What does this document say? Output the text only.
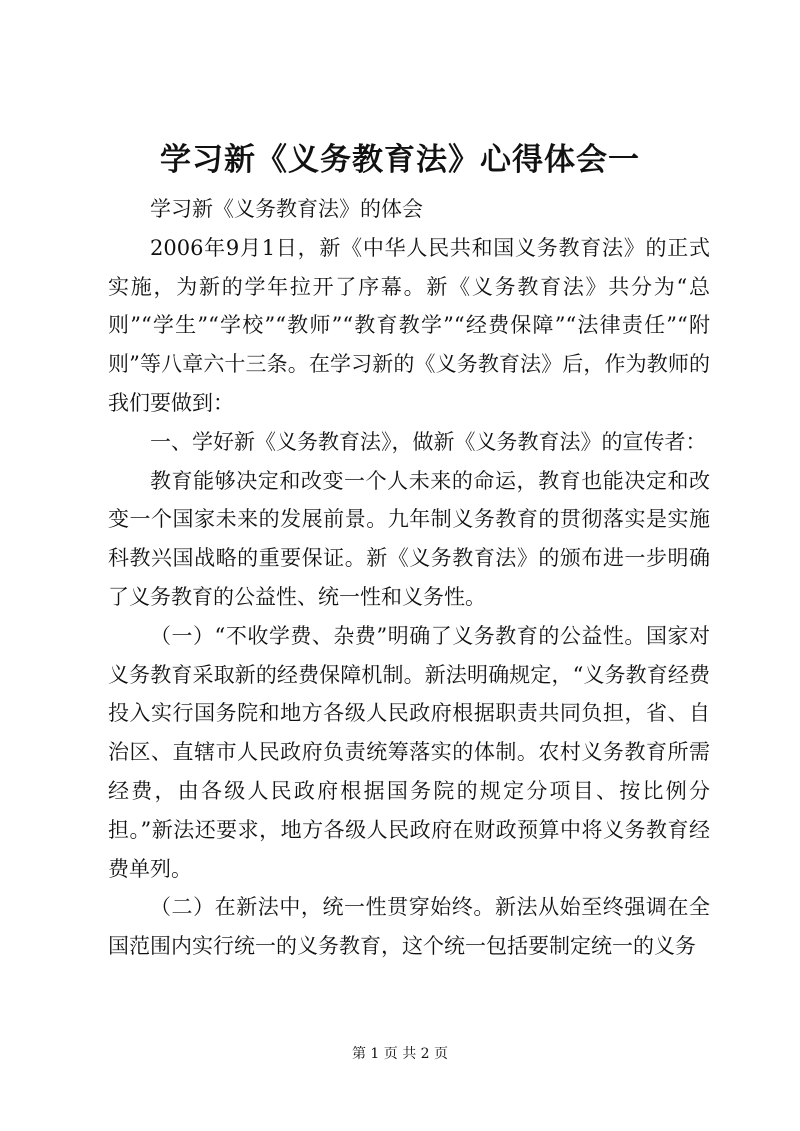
学习新《义务教育法》心得体会一

学习新《义务教育法》的体会

2006年9月1日，新《中华人民共和国义务教育法》的正式实施，为新的学年拉开了序幕。新《义务教育法》共分为“总则”“学生”“学校”“教师”“教育教学”“经费保障”“法律责任”“附则”等八章六十三条。在学习新的《义务教育法》后，作为教师的我们要做到：

一、学好新《义务教育法》，做新《义务教育法》的宣传者：

教育能够决定和改变一个人未来的命运，教育也能决定和改变一个国家未来的发展前景。九年制义务教育的贯彻落实是实施科教兴国战略的重要保证。新《义务教育法》的颁布进一步明确了义务教育的公益性、统一性和义务性。

（一）“不收学费、杂费”明确了义务教育的公益性。国家对义务教育采取新的经费保障机制。新法明确规定，“义务教育经费投入实行国务院和地方各级人民政府根据职责共同负担，省、自治区、直辖市人民政府负责统筹落实的体制。农村义务教育所需经费，由各级人民政府根据国务院的规定分项目、按比例分担。”新法还要求，地方各级人民政府在财政预算中将义务教育经费单列。

（二）在新法中，统一性贯穿始终。新法从始至终强调在全国范围内实行统一的义务教育，这个统一包括要制定统一的义务

第 1 页 共 2 页
